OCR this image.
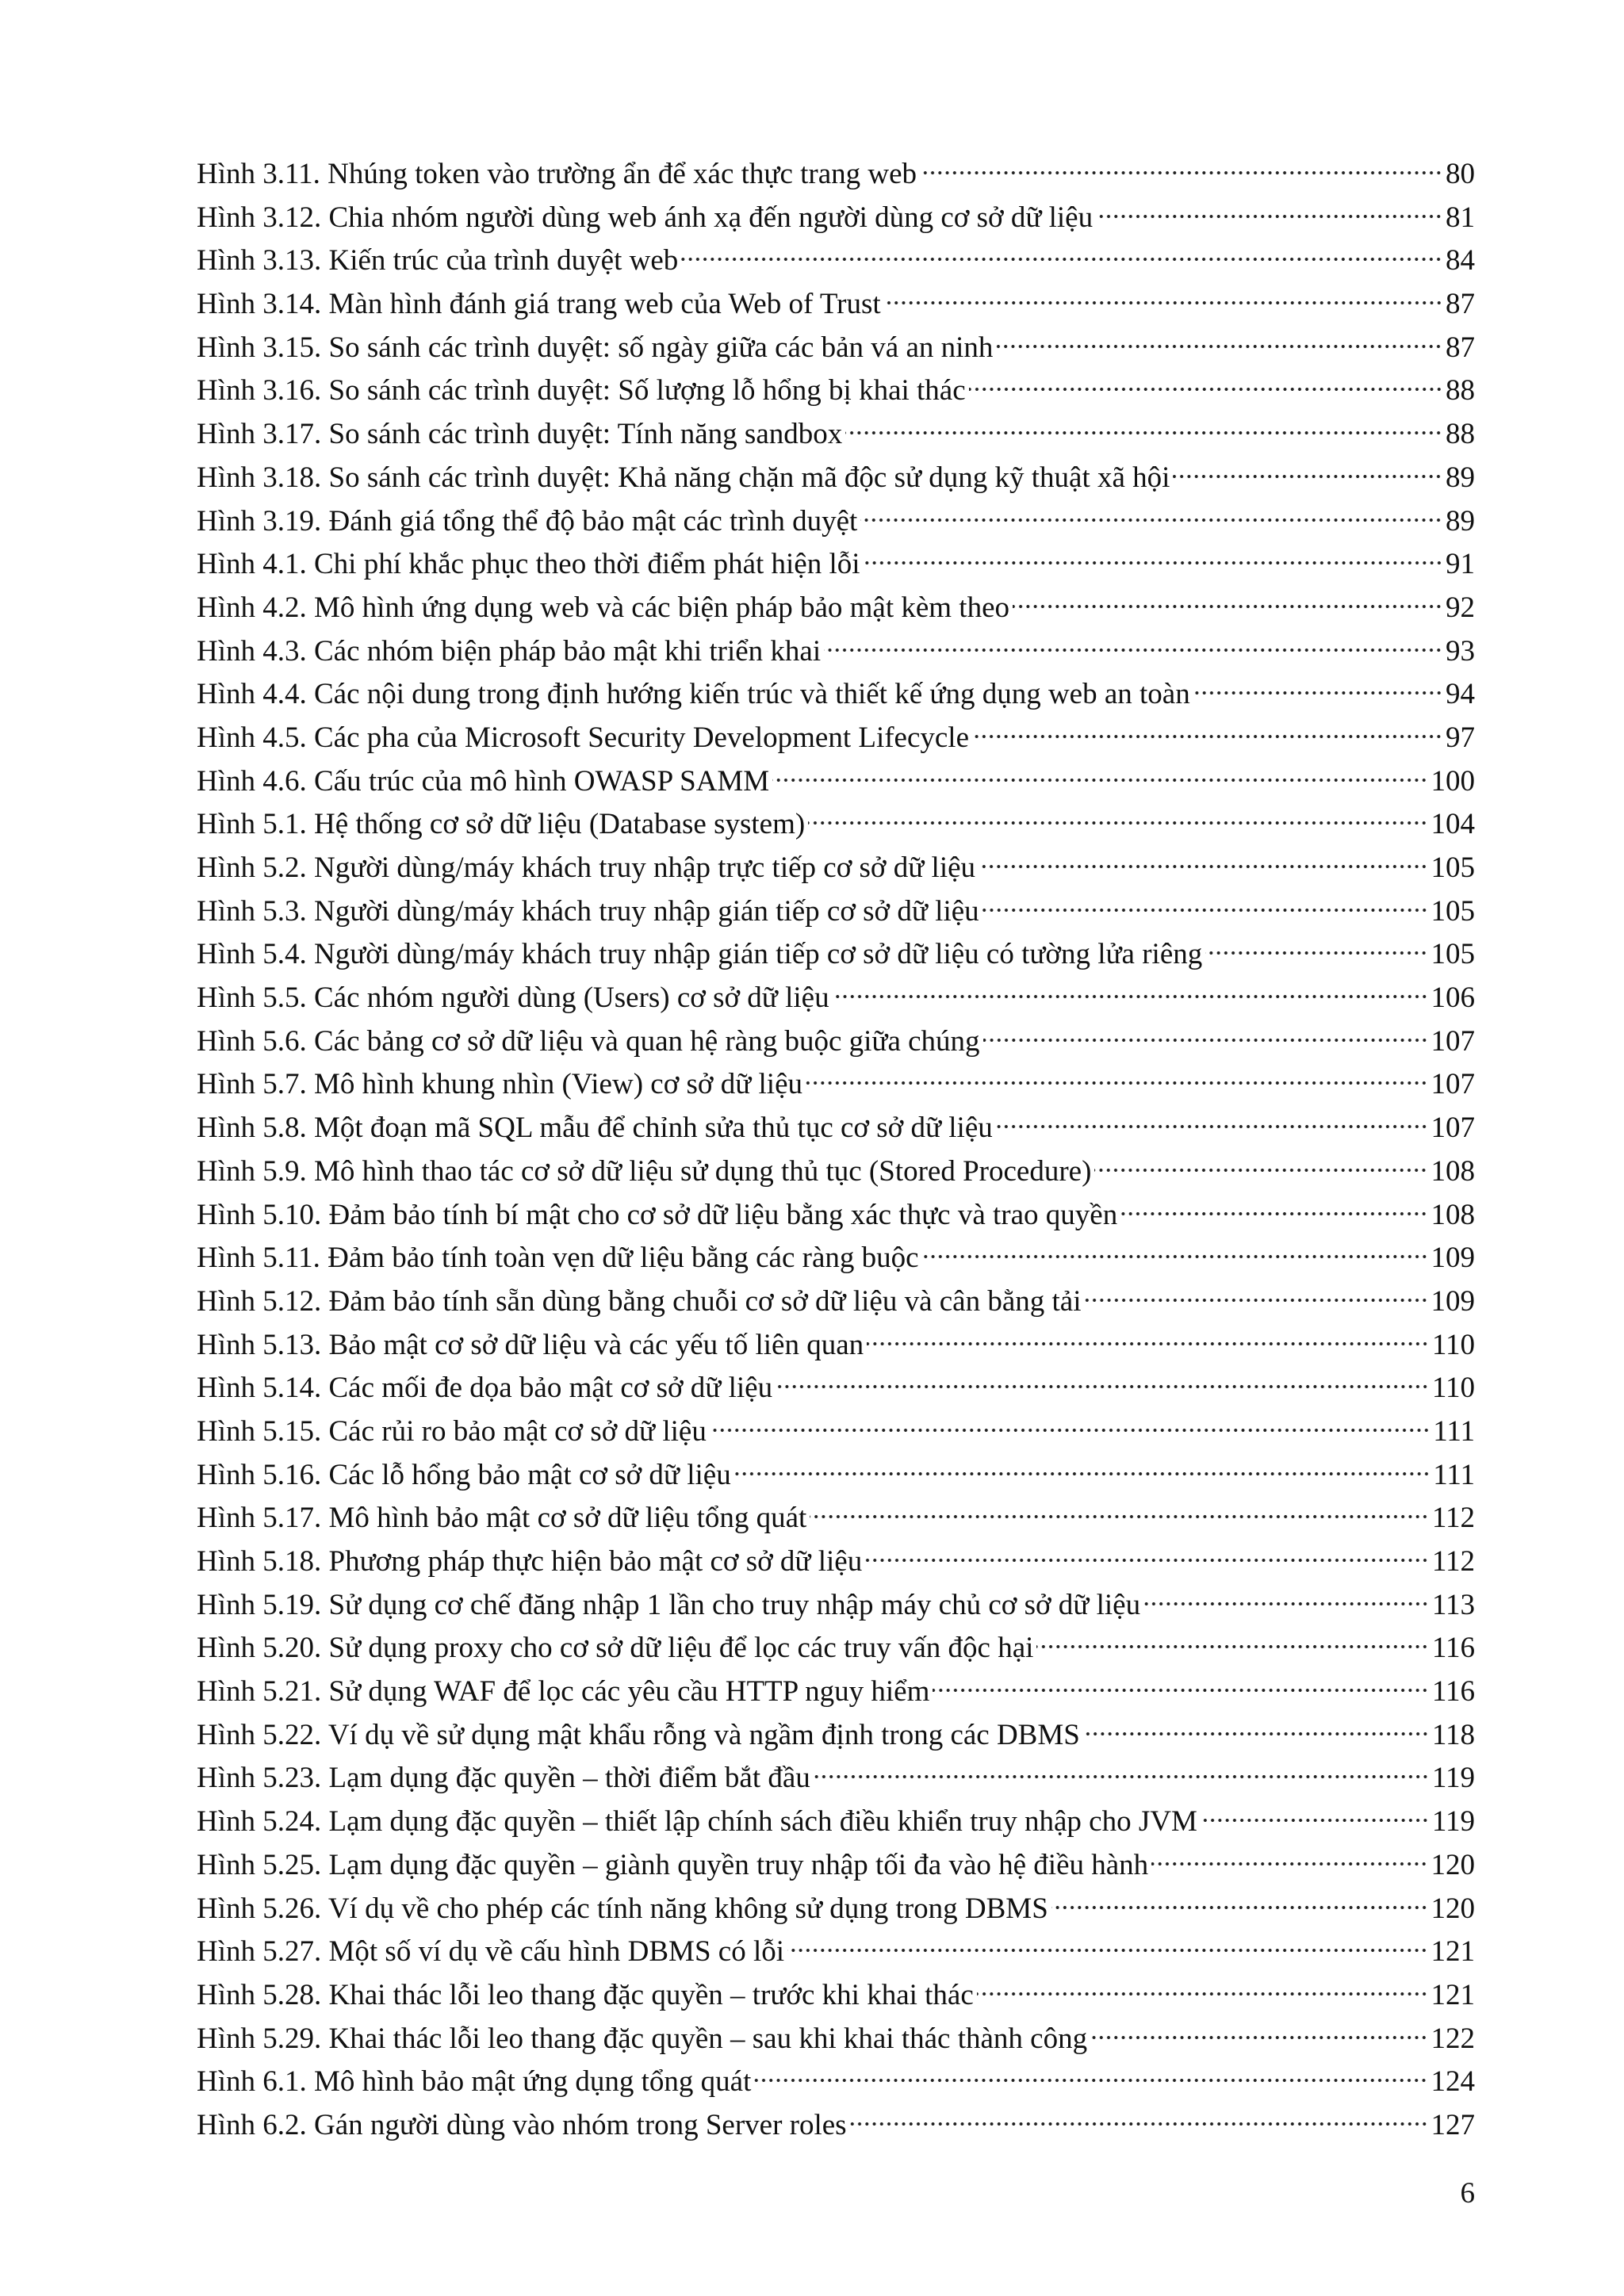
Hình 3.11. Nhúng token vào trường ẩn để xác thực trang web	80
Hình 3.12. Chia nhóm người dùng web ánh xạ đến người dùng cơ sở dữ liệu	81
Hình 3.13. Kiến trúc của trình duyệt web	84
Hình 3.14. Màn hình đánh giá trang web của Web of Trust	87
Hình 3.15. So sánh các trình duyệt: số ngày giữa các bản vá an ninh	87
Hình 3.16. So sánh các trình duyệt: Số lượng lỗ hổng bị khai thác	88
Hình 3.17. So sánh các trình duyệt: Tính năng sandbox	88
Hình 3.18. So sánh các trình duyệt: Khả năng chặn mã độc sử dụng kỹ thuật xã hội	89
Hình 3.19. Đánh giá tổng thể độ bảo mật các trình duyệt	89
Hình 4.1. Chi phí khắc phục theo thời điểm phát hiện lỗi	91
Hình 4.2. Mô hình ứng dụng web và các biện pháp bảo mật kèm theo	92
Hình 4.3. Các nhóm biện pháp bảo mật khi triển khai	93
Hình 4.4. Các nội dung trong định hướng kiến trúc và thiết kế ứng dụng web an toàn	94
Hình 4.5. Các pha của Microsoft Security Development Lifecycle	97
Hình 4.6. Cấu trúc của mô hình OWASP SAMM	100
Hình 5.1. Hệ thống cơ sở dữ liệu (Database system)	104
Hình 5.2. Người dùng/máy khách truy nhập trực tiếp cơ sở dữ liệu	105
Hình 5.3. Người dùng/máy khách truy nhập gián tiếp cơ sở dữ liệu	105
Hình 5.4. Người dùng/máy khách truy nhập gián tiếp cơ sở dữ liệu có tường lửa riêng	105
Hình 5.5. Các nhóm người dùng (Users) cơ sở dữ liệu	106
Hình 5.6. Các bảng cơ sở dữ liệu và quan hệ ràng buộc giữa chúng	107
Hình 5.7. Mô hình khung nhìn (View) cơ sở dữ liệu	107
Hình 5.8. Một đoạn mã SQL mẫu để chỉnh sửa thủ tục cơ sở dữ liệu	107
Hình 5.9. Mô hình thao tác cơ sở dữ liệu sử dụng thủ tục (Stored Procedure)	108
Hình 5.10. Đảm bảo tính bí mật cho cơ sở dữ liệu bằng xác thực và trao quyền	108
Hình 5.11. Đảm bảo tính toàn vẹn dữ liệu bằng các ràng buộc	109
Hình 5.12. Đảm bảo tính sẵn dùng bằng chuỗi cơ sở dữ liệu và cân bằng tải	109
Hình 5.13. Bảo mật cơ sở dữ liệu và các yếu tố liên quan	110
Hình 5.14. Các mối đe dọa bảo mật cơ sở dữ liệu	110
Hình 5.15. Các rủi ro bảo mật cơ sở dữ liệu	111
Hình 5.16. Các lỗ hổng bảo mật cơ sở dữ liệu	111
Hình 5.17. Mô hình bảo mật cơ sở dữ liệu tổng quát	112
Hình 5.18. Phương pháp thực hiện bảo mật cơ sở dữ liệu	112
Hình 5.19. Sử dụng cơ chế đăng nhập 1 lần cho truy nhập máy chủ cơ sở dữ liệu	113
Hình 5.20. Sử dụng proxy cho cơ sở dữ liệu để lọc các truy vấn độc hại	116
Hình 5.21. Sử dụng WAF để lọc các yêu cầu HTTP nguy hiểm	116
Hình 5.22. Ví dụ về sử dụng mật khẩu rỗng và ngầm định trong các DBMS	118
Hình 5.23. Lạm dụng đặc quyền – thời điểm bắt đầu	119
Hình 5.24. Lạm dụng đặc quyền – thiết lập chính sách điều khiển truy nhập cho JVM	119
Hình 5.25. Lạm dụng đặc quyền – giành quyền truy nhập tối đa vào hệ điều hành	120
Hình 5.26. Ví dụ về cho phép các tính năng không sử dụng trong DBMS	120
Hình 5.27. Một số ví dụ về cấu hình DBMS có lỗi	121
Hình 5.28. Khai thác lỗi leo thang đặc quyền – trước khi khai thác	121
Hình 5.29. Khai thác lỗi leo thang đặc quyền – sau khi khai thác thành công	122
Hình 6.1. Mô hình bảo mật ứng dụng tổng quát	124
Hình 6.2. Gán người dùng vào nhóm trong Server roles	127
6
